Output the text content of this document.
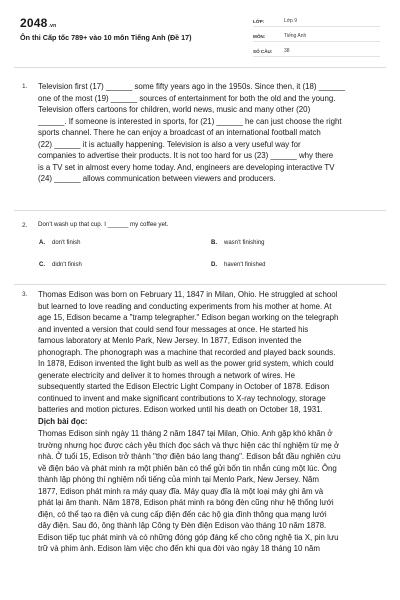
2048.vn
Ôn thi Cấp tốc 789+ vào 10 môn Tiếng Anh (Đề 17)
LỚP:	Lớp 9
MÔN:	Tiếng Anh
SỐ CÂU:	38
1. Television first (17) ______ some fifty years ago in the 1950s. Since then, it (18) ______
one of the most (19) ______ sources of entertainment for both the old and the young.
Television offers cartoons for children, world news, music and many other (20)
______. If someone is interested in sports, for (21) ______ he can just choose the right
sports channel. There he can enjoy a broadcast of an international football match
(22) ______ it is actually happening. Television is also a very useful way for
companies to advertise their products. It is not too hard for us (23) ______ why there
is a TV set in almost every home today. And, engineers are developing interactive TV
(24) ______ allows communication between viewers and producers.
2. Don't wash up that cup. I ______ my coffee yet.
A. don't finish	B. wasn't finishing
C. didn't finish	D. haven't finished
3. Thomas Edison was born on February 11, 1847 in Milan, Ohio. He struggled at school
but learned to love reading and conducting experiments from his mother at home. At
age 15, Edison became a "tramp telegrapher." Edison began working on the telegraph
and invented a version that could send four messages at once. He started his
famous laboratory at Menlo Park, New Jersey. In 1877, Edison invented the
phonograph. The phonograph was a machine that recorded and played back sounds.
In 1878, Edison invented the light bulb as well as the power grid system, which could
generate electricity and deliver it to homes through a network of wires. He
subsequently started the Edison Electric Light Company in October of 1878. Edison
continued to invent and make significant contributions to X-ray technology, storage
batteries and motion pictures. Edison worked until his death on October 18, 1931.
Dịch bài đọc:
Thomas Edison sinh ngày 11 tháng 2 năm 1847 tại Milan, Ohio. Anh gặp khó khăn ở
trường nhưng học được cách yêu thích đọc sách và thực hiện các thí nghiệm từ mẹ ở
nhà. Ở tuổi 15, Edison trở thành "thợ điện báo lang thang". Edison bắt đầu nghiên cứu
về điện báo và phát minh ra một phiên bản có thể gửi bốn tin nhắn cùng một lúc. Ông
thành lập phòng thí nghiệm nổi tiếng của mình tại Menlo Park, New Jersey. Năm
1877, Edison phát minh ra máy quay đĩa. Máy quay đĩa là một loại máy ghi âm và
phát lại âm thanh. Năm 1878, Edison phát minh ra bóng đèn cũng như hệ thống lưới
điện, có thể tạo ra điện và cung cấp điện đến các hộ gia đình thông qua mạng lưới
dây điện. Sau đó, ông thành lập Công ty Đèn điện Edison vào tháng 10 năm 1878.
Edison tiếp tục phát minh và có những đóng góp đáng kể cho công nghệ tia X, pin lưu
trữ và phim ảnh. Edison làm việc cho đến khi qua đời vào ngày 18 tháng 10 năm
